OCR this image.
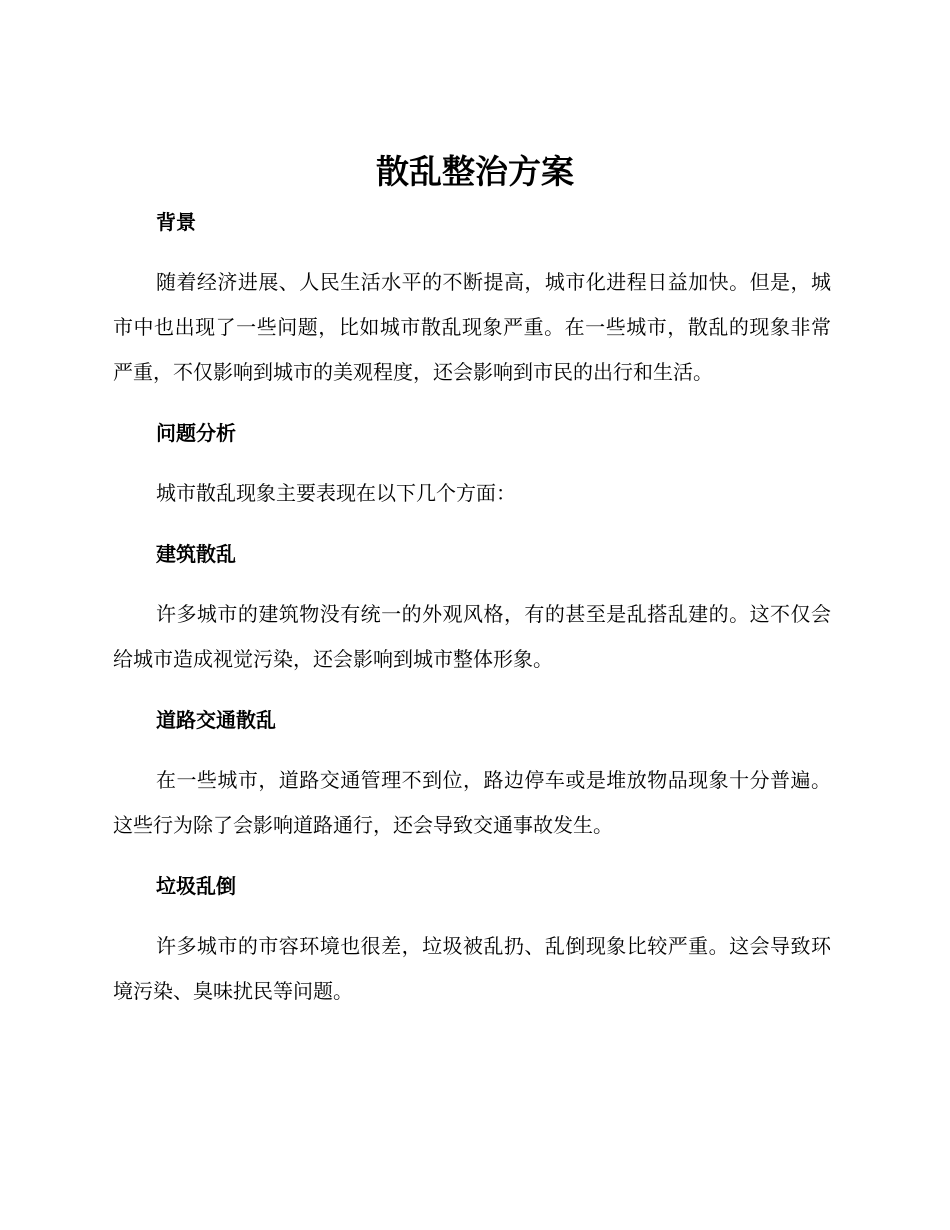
散乱整治方案
背景

随着经济进展、人民生活水平的不断提高，城市化进程日益加快。但是，城市中也出现了一些问题，比如城市散乱现象严重。在一些城市，散乱的现象非常严重，不仅影响到城市的美观程度，还会影响到市民的出行和生活。

问题分析

城市散乱现象主要表现在以下几个方面：

建筑散乱

许多城市的建筑物没有统一的外观风格，有的甚至是乱搭乱建的。这不仅会给城市造成视觉污染，还会影响到城市整体形象。

道路交通散乱

在一些城市，道路交通管理不到位，路边停车或是堆放物品现象十分普遍。这些行为除了会影响道路通行，还会导致交通事故发生。

垃圾乱倒

许多城市的市容环境也很差，垃圾被乱扔、乱倒现象比较严重。这会导致环境污染、臭味扰民等问题。
